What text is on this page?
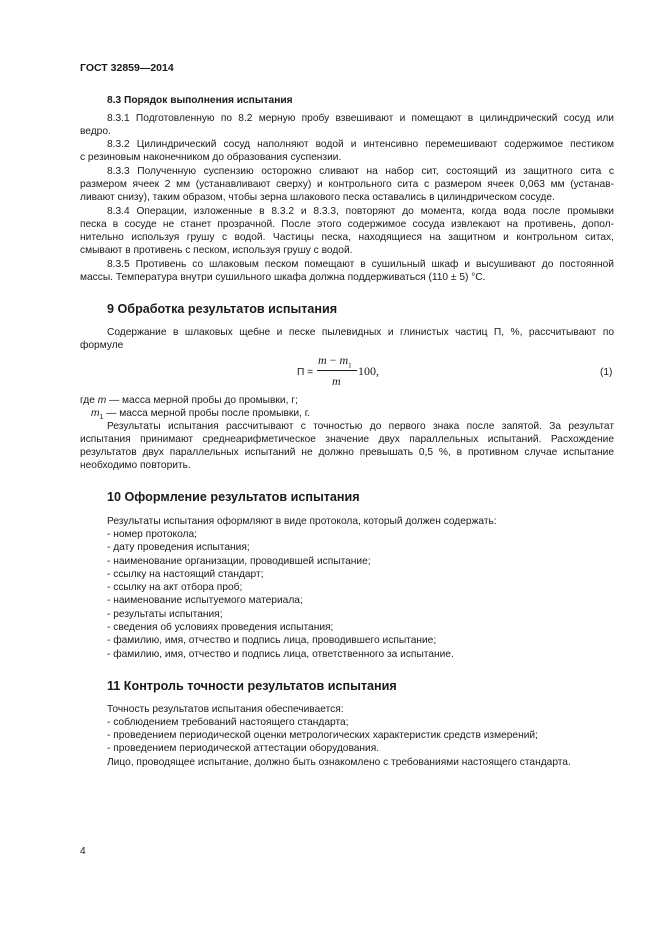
ГОСТ 32859—2014
8.3 Порядок выполнения испытания
8.3.1 Подготовленную по 8.2 мерную пробу взвешивают и помещают в цилиндрический сосуд или
ведро.
8.3.2 Цилиндрический сосуд наполняют водой и интенсивно перемешивают содержимое пестиком
с резиновым наконечником до образования суспензии.
8.3.3 Полученную суспензию осторожно сливают на набор сит, состоящий из защитного сита с
размером ячеек 2 мм (устанавливают сверху) и контрольного сита с размером ячеек 0,063 мм (устанав-
ливают снизу), таким образом, чтобы зерна шлакового песка оставались в цилиндрическом сосуде.
8.3.4 Операции, изложенные в 8.3.2 и 8.3.3, повторяют до момента, когда вода после промывки
песка в сосуде не станет прозрачной. После этого содержимое сосуда извлекают на противень, допол-
нительно используя грушу с водой. Частицы песка, находящиеся на защитном и контрольном ситах,
смывают в противень с песком, используя грушу с водой.
8.3.5 Противень со шлаковым песком помещают в сушильный шкаф и высушивают до постоянной
массы. Температура внутри сушильного шкафа должна поддерживаться (110 ± 5) °С.
9 Обработка результатов испытания
Содержание в шлаковых щебне и песке пылевидных и глинистых частиц П, %, рассчитывают по
формуле
П =
$m - m_1$
m
100,	(1)
где m — масса мерной пробы до промывки, г;
$m_1$ — масса мерной пробы после промывки, г.
Результаты испытания рассчитывают с точностью до первого знака после запятой. За результат
испытания принимают среднеарифметическое значение двух параллельных испытаний. Расхождение
результатов двух параллельных испытаний не должно превышать 0,5 %, в противном случае испытание
необходимо повторить.
10 Оформление результатов испытания
Результаты испытания оформляют в виде протокола, который должен содержать:
- номер протокола;
- дату проведения испытания;
- наименование организации, проводившей испытание;
- ссылку на настоящий стандарт;
- ссылку на акт отбора проб;
- наименование испытуемого материала;
- результаты испытания;
- сведения об условиях проведения испытания;
- фамилию, имя, отчество и подпись лица, проводившего испытание;
- фамилию, имя, отчество и подпись лица, ответственного за испытание.
11 Контроль точности результатов испытания
Точность результатов испытания обеспечивается:
- соблюдением требований настоящего стандарта;
- проведением периодической оценки метрологических характеристик средств измерений;
- проведением периодической аттестации оборудования.
Лицо, проводящее испытание, должно быть ознакомлено с требованиями настоящего стандарта.
4
